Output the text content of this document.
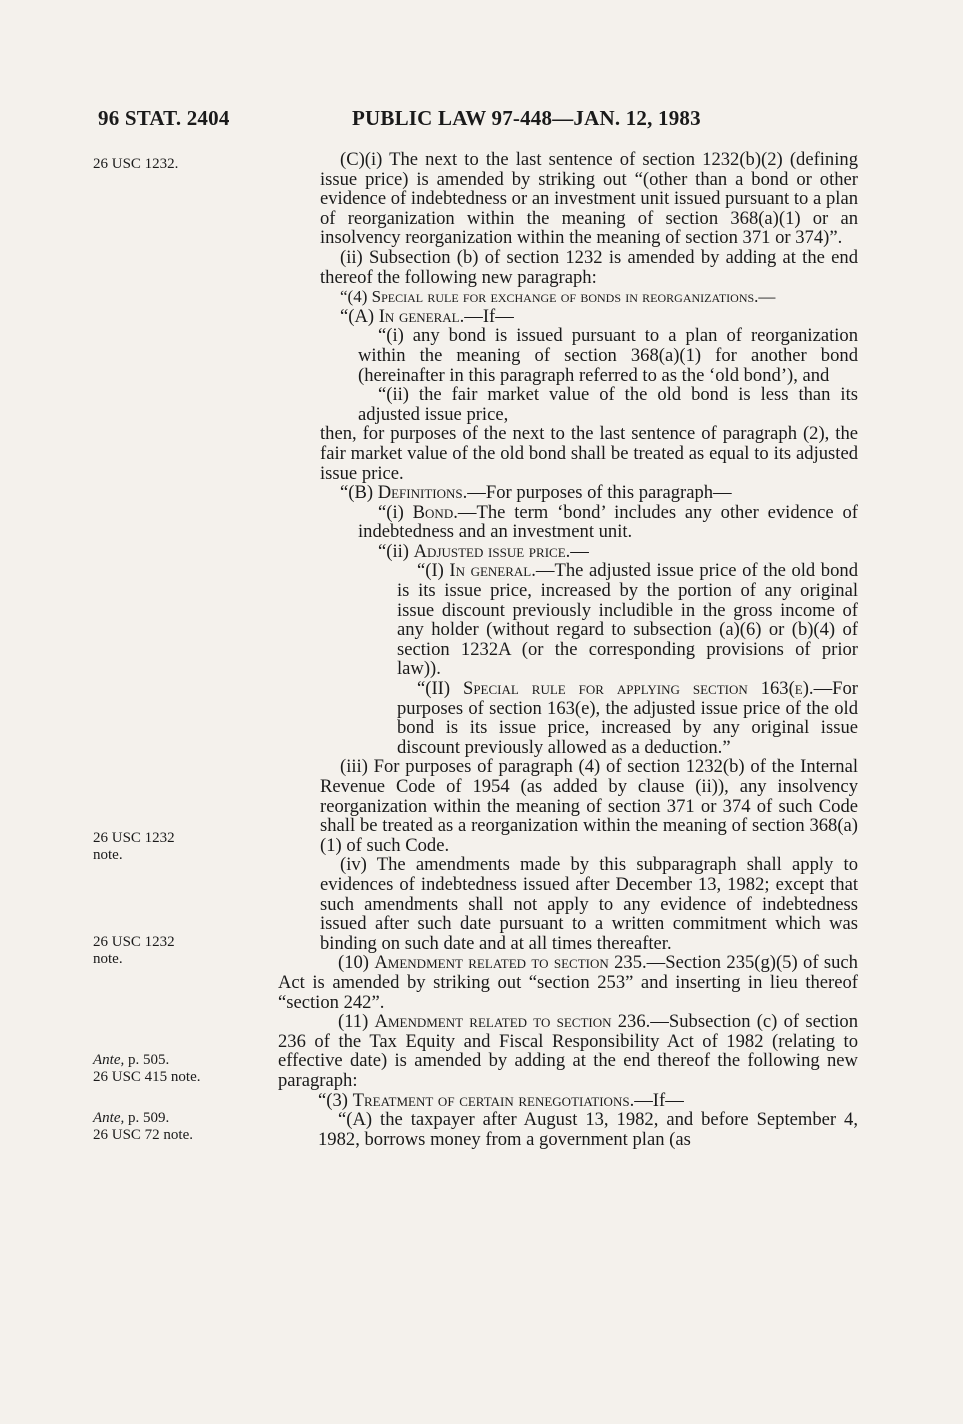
96 STAT. 2404	PUBLIC LAW 97-448—JAN. 12, 1983
26 USC 1232.
26 USC 1232
note.
26 USC 1232
note.
Ante, p. 505.
26 USC 415 note.
Ante, p. 509.
26 USC 72 note.

(C)(i) The next to the last sentence of section 1232(b)(2) (defining issue price) is amended by striking out “(other than a bond or other evidence of indebtedness or an investment unit issued pursuant to a plan of reorganization within the meaning of section 368(a)(1) or an insolvency reorganization within the meaning of section 371 or 374)”.

(ii) Subsection (b) of section 1232 is amended by adding at the end thereof the following new paragraph:

“(4) Special rule for exchange of bonds in reorganizations.—

“(A) In general.—If—

“(i) any bond is issued pursuant to a plan of reorganization within the meaning of section 368(a)(1) for another bond (hereinafter in this paragraph referred to as the ‘old bond’), and

“(ii) the fair market value of the old bond is less than its adjusted issue price,

then, for purposes of the next to the last sentence of paragraph (2), the fair market value of the old bond shall be treated as equal to its adjusted issue price.

“(B) Definitions.—For purposes of this paragraph—

“(i) Bond.—The term ‘bond’ includes any other evidence of indebtedness and an investment unit.

“(ii) Adjusted issue price.—

“(I) In general.—The adjusted issue price of the old bond is its issue price, increased by the portion of any original issue discount previously includible in the gross income of any holder (without regard to subsection (a)(6) or (b)(4) of section 1232A (or the corresponding provisions of prior law)).

“(II) Special rule for applying section 163(e).—For purposes of section 163(e), the adjusted issue price of the old bond is its issue price, increased by any original issue discount previously allowed as a deduction.”

(iii) For purposes of paragraph (4) of section 1232(b) of the Internal Revenue Code of 1954 (as added by clause (ii)), any insolvency reorganization within the meaning of section 371 or 374 of such Code shall be treated as a reorganization within the meaning of section 368(a)(1) of such Code.

(iv) The amendments made by this subparagraph shall apply to evidences of indebtedness issued after December 13, 1982; except that such amendments shall not apply to any evidence of indebtedness issued after such date pursuant to a written commitment which was binding on such date and at all times thereafter.

(10) Amendment related to section 235.—Section 235(g)(5) of such Act is amended by striking out “section 253” and inserting in lieu thereof “section 242”.

(11) Amendment related to section 236.—Subsection (c) of section 236 of the Tax Equity and Fiscal Responsibility Act of 1982 (relating to effective date) is amended by adding at the end thereof the following new paragraph:

“(3) Treatment of certain renegotiations.—If—

“(A) the taxpayer after August 13, 1982, and before September 4, 1982, borrows money from a government plan (as
